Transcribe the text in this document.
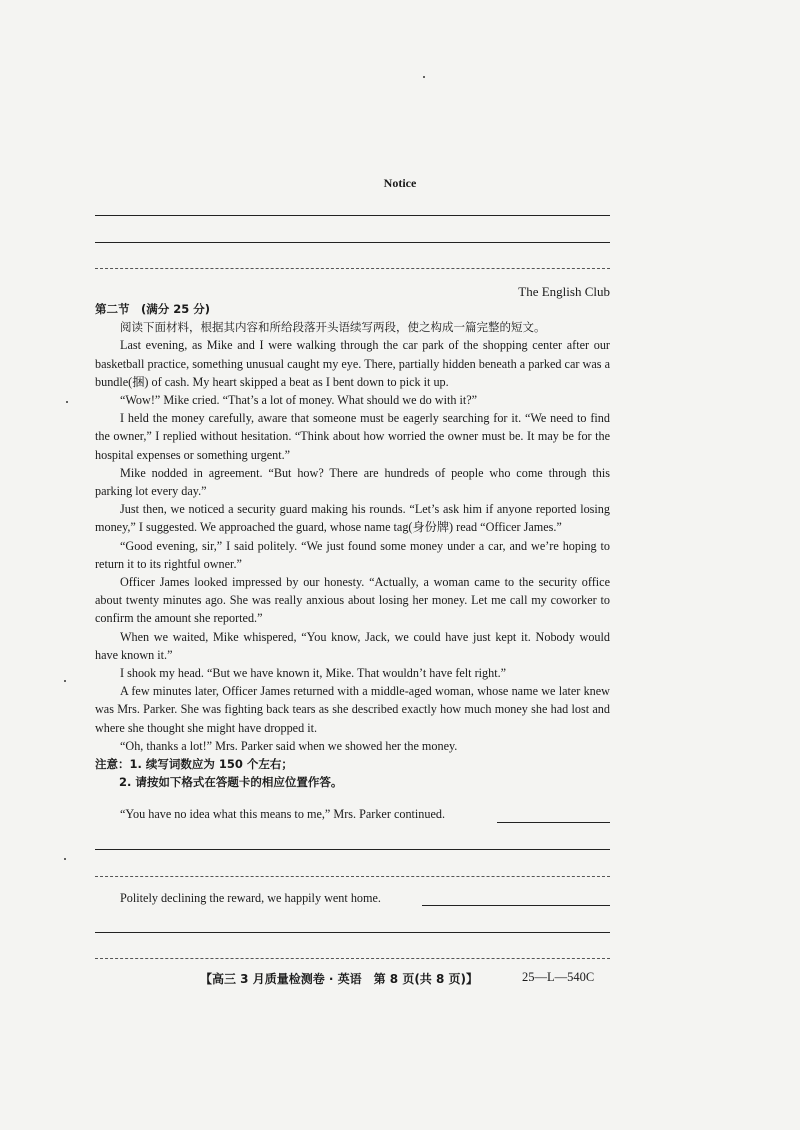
Notice
The English Club

第二节　(满分 25 分)

阅读下面材料，根据其内容和所给段落开头语续写两段，使之构成一篇完整的短文。

Last evening, as Mike and I were walking through the car park of the shopping center after our basketball practice, something unusual caught my eye. There, partially hidden beneath a parked car was a bundle(捆) of cash. My heart skipped a beat as I bent down to pick it up.

“Wow!” Mike cried. “That’s a lot of money. What should we do with it?”

I held the money carefully, aware that someone must be eagerly searching for it. “We need to find the owner,” I replied without hesitation. “Think about how worried the owner must be. It may be for the hospital expenses or something urgent.”

Mike nodded in agreement. “But how? There are hundreds of people who come through this parking lot every day.”

Just then, we noticed a security guard making his rounds. “Let’s ask him if anyone reported losing money,” I suggested. We approached the guard, whose name tag(身份牌) read “Officer James.”

“Good evening, sir,” I said politely. “We just found some money under a car, and we’re hoping to return it to its rightful owner.”

Officer James looked impressed by our honesty. “Actually, a woman came to the security office about twenty minutes ago. She was really anxious about losing her money. Let me call my coworker to confirm the amount she reported.”

When we waited, Mike whispered, “You know, Jack, we could have just kept it. Nobody would have known it.”

I shook my head. “But we have known it, Mike. That wouldn’t have felt right.”

A few minutes later, Officer James returned with a middle-aged woman, whose name we later knew was Mrs. Parker. She was fighting back tears as she described exactly how much money she had lost and where she thought she might have dropped it.

“Oh, thanks a lot!” Mrs. Parker said when we showed her the money.

注意：1. 续写词数应为 150 个左右；

2. 请按如下格式在答题卡的相应位置作答。

“You have no idea what this means to me,” Mrs. Parker continued.
Politely declining the reward, we happily went home.
【高三 3 月质量检测卷 · 英语　第 8 页(共 8 页)】	25—L—540C
